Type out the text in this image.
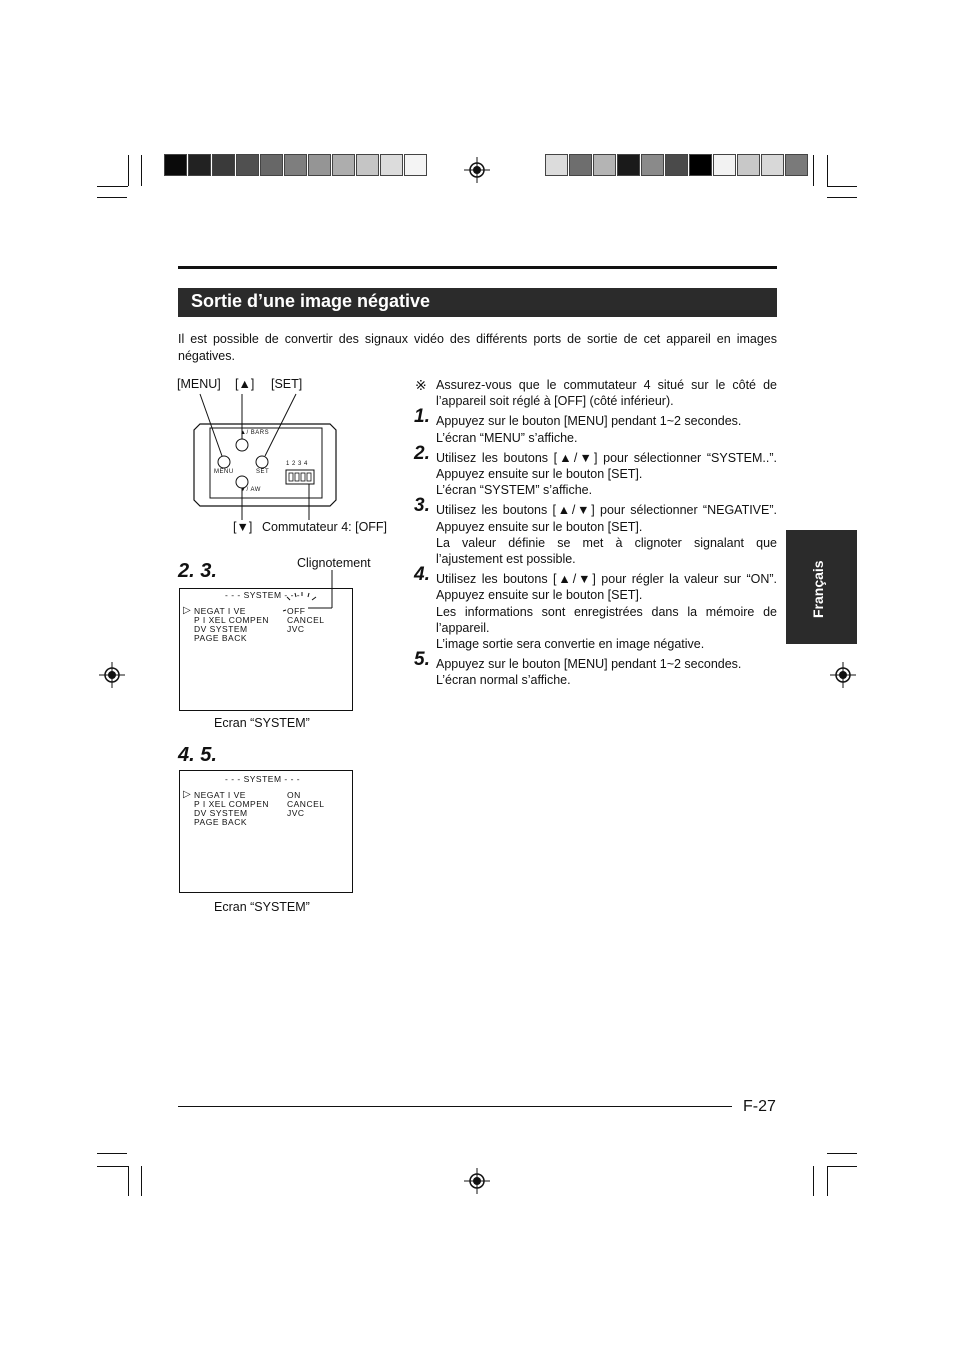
Sortie d’une image négative
Il est possible de convertir des signaux vidéo des différents ports de sortie de cet appareil en images négatives.
[MENU] [▲] [SET]
▲/ BARS
MENU	SET
▼/ AW
1 2 3 4
[▼] Commutateur 4: [OFF]
2. 3.	Clignotement
- - - SYSTEM - - -
▷ NEGAT I VE	OFF
P I XEL COMPEN CANCEL
DV SYSTEM	JVC
PAGE BACK
Ecran “SYSTEM”
4. 5.
- - - SYSTEM - - -
▷ NEGAT I VE	ON
P I XEL COMPEN CANCEL
DV SYSTEM	JVC
PAGE BACK
Ecran “SYSTEM”
※ Assurez-vous que le commutateur 4 situé sur le côté de l’appareil soit réglé à [OFF] (côté inférieur).

1. Appuyez sur le bouton [MENU] pendant 1~2 secondes.

L’écran “MENU” s’affiche.

2. Utilisez les boutons [▲/▼] pour sélectionner “SYSTEM..”. Appuyez ensuite sur le bouton [SET].

L’écran “SYSTEM” s’affiche.

3. Utilisez les boutons [▲/▼] pour sélectionner “NEGATIVE”. Appuyez ensuite sur le bouton [SET].

La valeur définie se met à clignoter signalant que l’ajustement est possible.

4. Utilisez les boutons [▲/▼] pour régler la valeur sur “ON”. Appuyez ensuite sur le bouton [SET].

Les informations sont enregistrées dans la mémoire de l’appareil.

L’image sortie sera convertie en image négative.

5. Appuyez sur le bouton [MENU] pendant 1~2 secondes.

L’écran normal s’affiche.

Français
F-27
